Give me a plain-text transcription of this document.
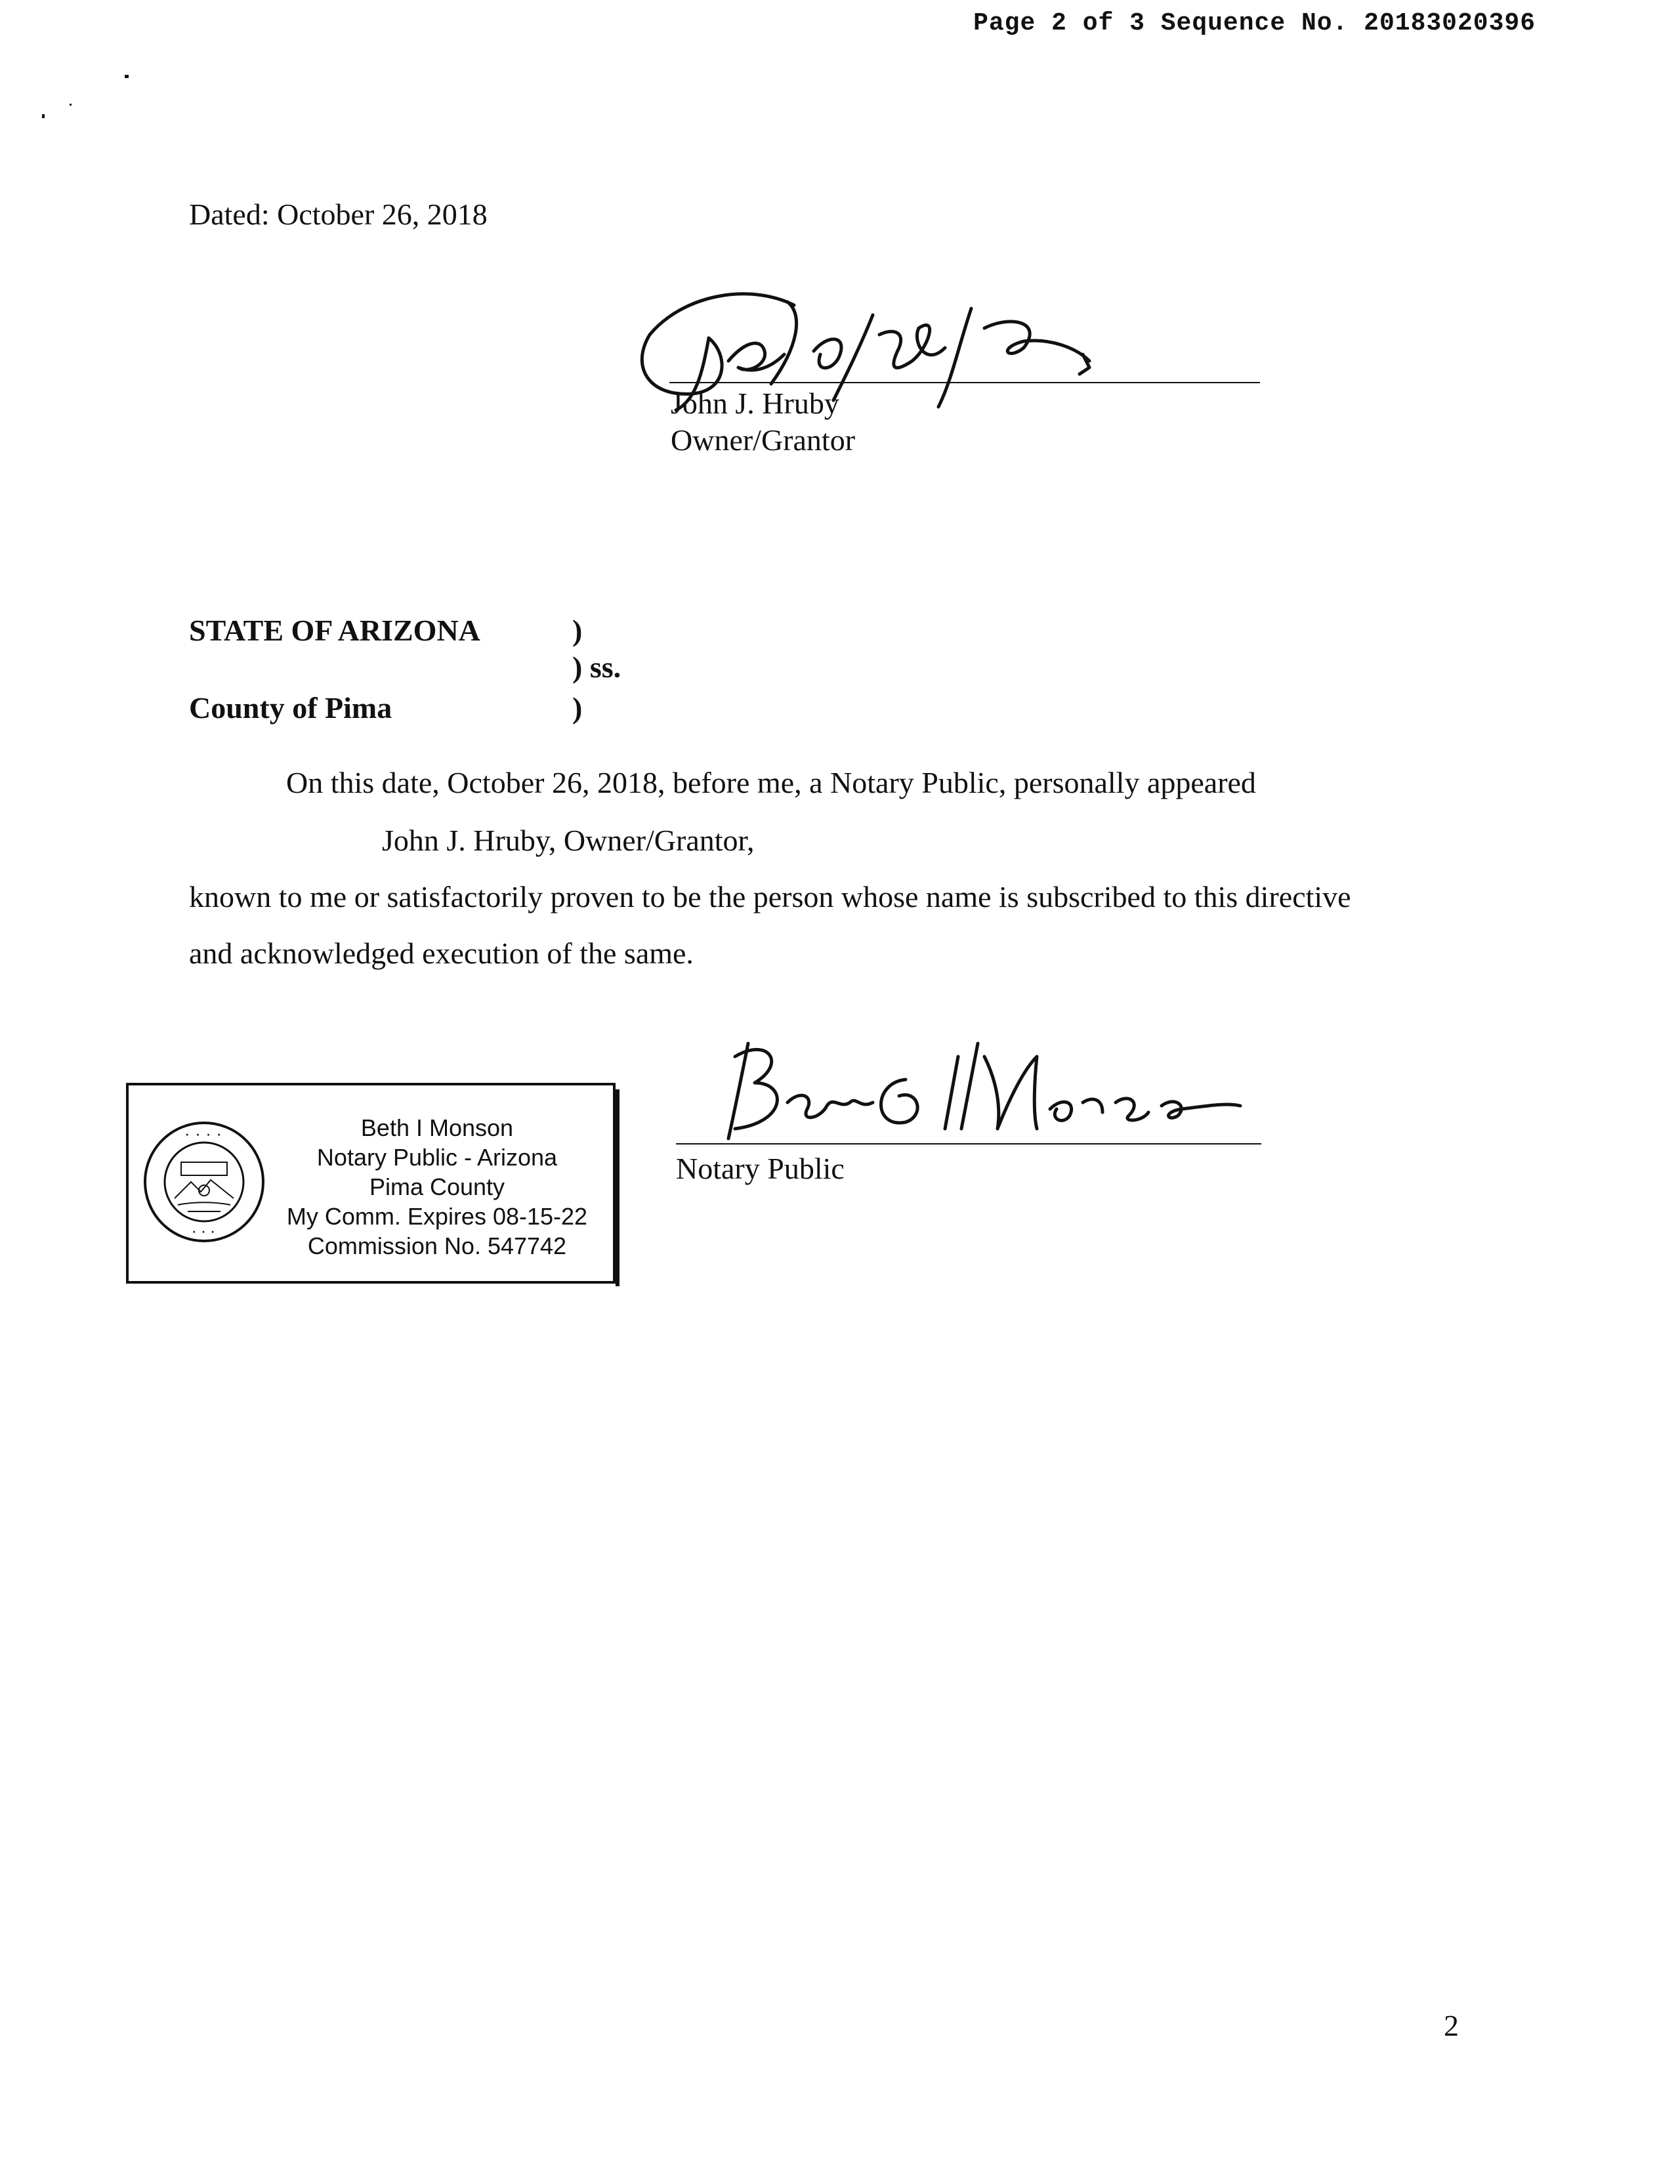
Page 2 of 3 Sequence No. 20183020396
Dated: October 26, 2018
John J. Hruby
Owner/Grantor
STATE OF ARIZONA	)
) ss.
County of Pima	)
On this date, October 26, 2018, before me, a Notary Public, personally appeared
John J. Hruby, Owner/Grantor,
known to me or satisfactorily proven to be the person whose name is subscribed to this directive
and acknowledged execution of the same.
· · · ·
· · ·
Beth I Monson
Notary Public - Arizona
Pima County
My Comm. Expires 08-15-22
Commission No. 547742
Notary Public
2
